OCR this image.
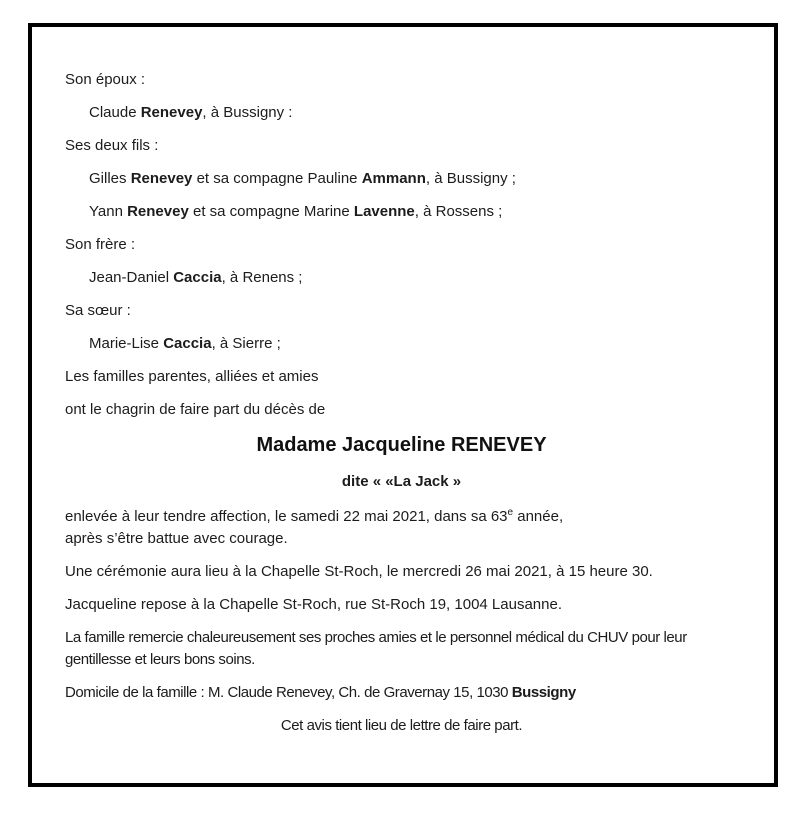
Son époux :

Claude Renevey, à Bussigny :

Ses deux fils :

Gilles Renevey et sa compagne Pauline Ammann, à Bussigny ;

Yann Renevey et sa compagne Marine Lavenne, à Rossens ;

Son frère :

Jean-Daniel Caccia, à Renens ;

Sa sœur :

Marie-Lise Caccia, à Sierre ;

Les familles parentes, alliées et amies

ont le chagrin de faire part du décès de

Madame Jacqueline RENEVEY
dite « «La Jack »

enlevée à leur tendre affection, le samedi 22 mai 2021, dans sa 63e année,
après s’être battue avec courage.

Une cérémonie aura lieu à la Chapelle St-Roch, le mercredi 26 mai 2021, à 15 heure 30.

Jacqueline repose à la Chapelle St-Roch, rue St-Roch 19, 1004 Lausanne.

La famille remercie chaleureusement ses proches amies et le personnel médical du CHUV pour leur gentillesse et leurs bons soins.

Domicile de la famille : M. Claude Renevey, Ch. de Gravernay 15, 1030 Bussigny

Cet avis tient lieu de lettre de faire part.
